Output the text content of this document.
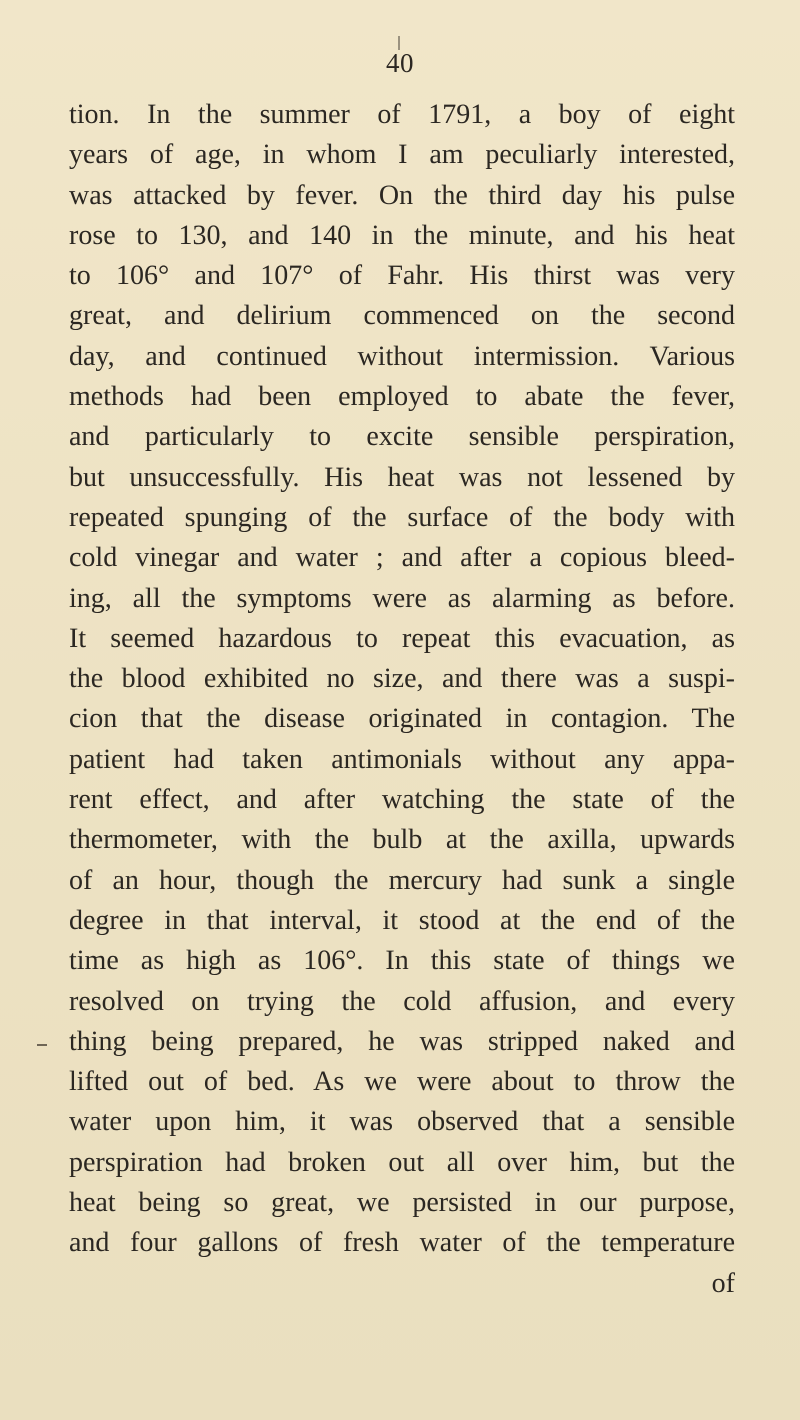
40
tion. In the summer of 1791, a boy of eight
years of age, in whom I am peculiarly interested,
was attacked by fever. On the third day his pulse
rose to 130, and 140 in the minute, and his heat
to 106° and 107° of Fahr. His thirst was very
great, and delirium commenced on the second
day, and continued without intermission. Various
methods had been employed to abate the fever,
and particularly to excite sensible perspiration,
but unsuccessfully. His heat was not lessened by
repeated spunging of the surface of the body with
cold vinegar and water ; and after a copious bleed-
ing, all the symptoms were as alarming as before.
It seemed hazardous to repeat this evacuation, as
the blood exhibited no size, and there was a suspi-
cion that the disease originated in contagion. The
patient had taken antimonials without any appa-
rent effect, and after watching the state of the
thermometer, with the bulb at the axilla, upwards
of an hour, though the mercury had sunk a single
degree in that interval, it stood at the end of the
time as high as 106°. In this state of things we
resolved on trying the cold affusion, and every
thing being prepared, he was stripped naked and
lifted out of bed. As we were about to throw the
water upon him, it was observed that a sensible
perspiration had broken out all over him, but the
heat being so great, we persisted in our purpose,
and four gallons of fresh water of the temperature
of
